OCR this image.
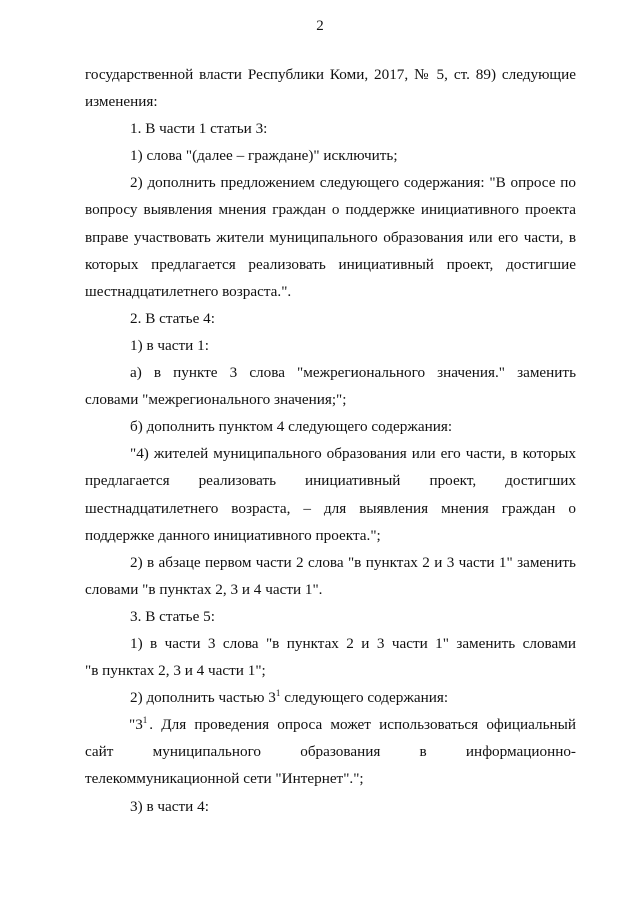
2
государственной власти Республики Коми, 2017, № 5, ст. 89) следующие
изменения:
1. В части 1 статьи 3:
1) слова "(далее – граждане)" исключить;
2) дополнить предложением следующего содержания: "В опросе по
вопросу выявления мнения граждан о поддержке инициативного проекта
вправе участвовать жители муниципального образования или его части, в
которых предлагается реализовать инициативный проект, достигшие
шестнадцатилетнего возраста.".
2. В статье 4:
1) в части 1:
а) в пункте 3 слова "межрегионального значения." заменить
словами "межрегионального значения;";
б) дополнить пунктом 4 следующего содержания:
"4) жителей муниципального образования или его части, в которых
предлагается реализовать инициативный проект, достигших
шестнадцатилетнего возраста, – для выявления мнения граждан о
поддержке данного инициативного проекта.";
2) в абзаце первом части 2 слова "в пунктах 2 и 3 части 1" заменить
словами "в пунктах 2, 3 и 4 части 1".
3. В статье 5:
1) в части 3 слова "в пунктах 2 и 3 части 1" заменить словами
"в пунктах 2, 3 и 4 части 1";
2) дополнить частью $3^1$ следующего содержания:
"$3^1$ . Для проведения опроса может использоваться официальный
сайт муниципального образования в информационно-
телекоммуникационной сети "Интернет".";
3) в части 4:
